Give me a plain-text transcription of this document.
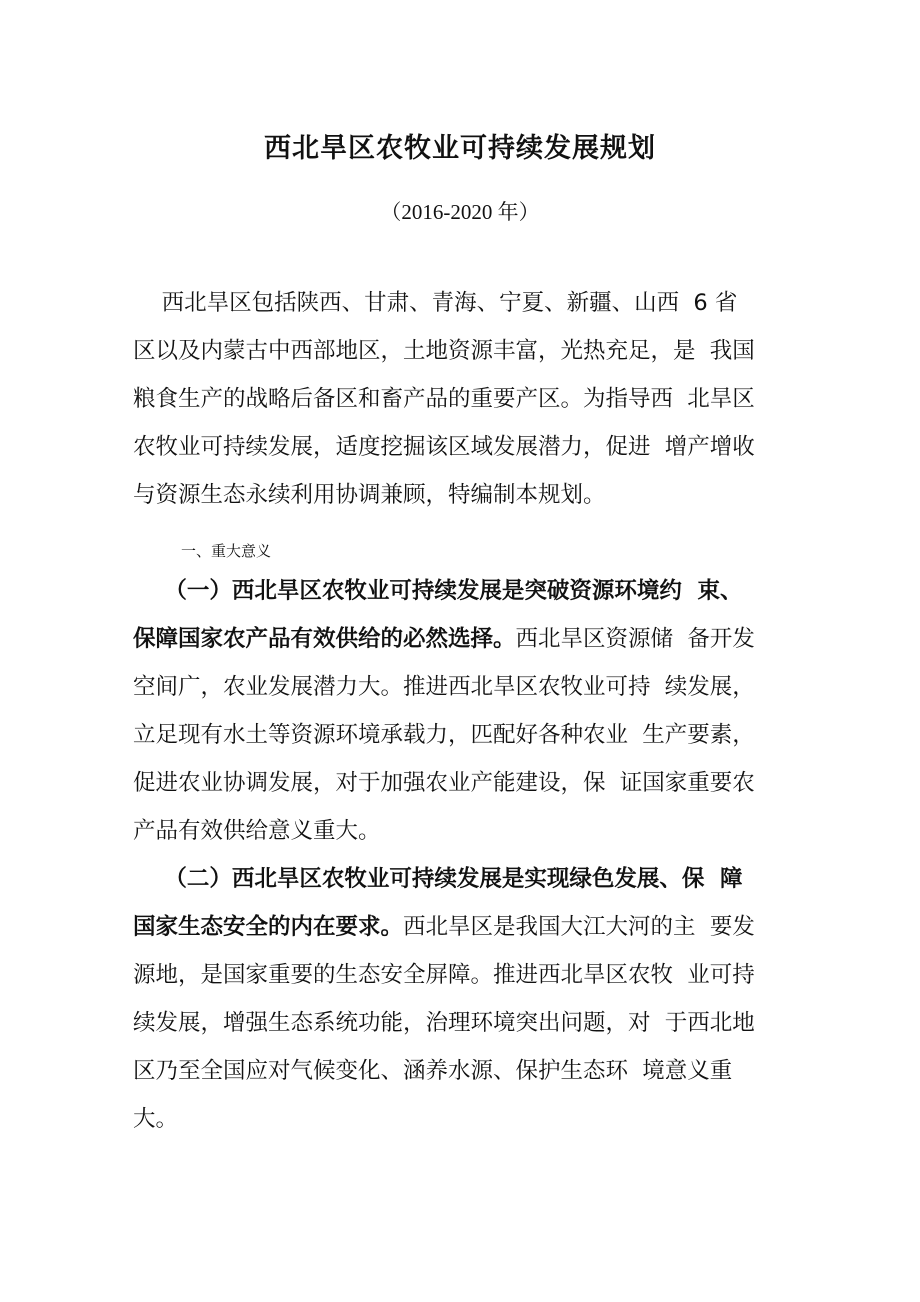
西北旱区农牧业可持续发展规划
（2016-2020 年）
西北旱区包括陕西、甘肃、青海、宁夏、新疆、山西  6 省
区以及内蒙古中西部地区，土地资源丰富，光热充足，是  我国
粮食生产的战略后备区和畜产品的重要产区。为指导西  北旱区
农牧业可持续发展，适度挖掘该区域发展潜力，促进  增产增收
与资源生态永续利用协调兼顾，特编制本规划。
一、重大意义
（一）西北旱区农牧业可持续发展是突破资源环境约  束、
保障国家农产品有效供给的必然选择。西北旱区资源储  备开发
空间广，农业发展潜力大。推进西北旱区农牧业可持  续发展，
立足现有水土等资源环境承载力，匹配好各种农业  生产要素，
促进农业协调发展，对于加强农业产能建设，保  证国家重要农
产品有效供给意义重大。
（二）西北旱区农牧业可持续发展是实现绿色发展、保  障
国家生态安全的内在要求。西北旱区是我国大江大河的主  要发
源地，是国家重要的生态安全屏障。推进西北旱区农牧  业可持
续发展，增强生态系统功能，治理环境突出问题，对  于西北地
区乃至全国应对气候变化、涵养水源、保护生态环  境意义重
大。
